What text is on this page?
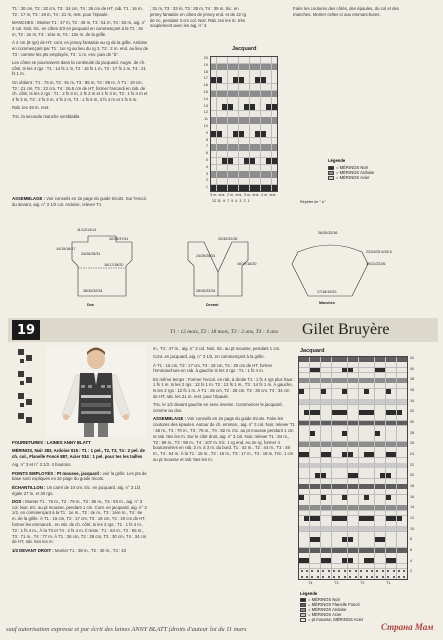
T1 : 30 cm, T2 : 32 cm, T3 : 34 cm, T4 : 36 cm de HT, rab. T1 : 16 m, T2 : 17 m, T3 : 19 m, T4 : 21 m, rest. pour l'épaule.

MANCHES : Monter T1 : 47 m, T2 : 49 m, T3 : 51 m, T4 : 53 m, aig. n° 3 col. Noir, tric. en côtes 3/3 en jacquard en commençant à la T1 : 3e m, T2 : 2e m, T3 : 1ère m, T4 : 12e m. de la grille.

À 2 cm (8 rgs) de HT, cont. en jersey fantaisie au rg de la grille. Ardoise en commençant par T1 : 1er rg au lieu du rg 3, T2 : 2 m. end. au lieu de T3 : comme les pts employés, T4 : 1 m. env. puis de "à".

Les côtes se poursuivent dans la continuité du jacquard. Augm. de ch. côté, ts les 4 rgs : T1 : 14 fs 1 m, T2 : 16 fs 1 m, T3 : 17 fs 1 m, T4 : 21 fs 1 m.

On obtient : T1 : 75 m, T2 : 81 m, T3 : 85 m, T4 : 95 m. À T1 : 19 cm, T2 : 21 cm, T3 : 22 cm, T4 : 26.5 cm de HT, former l'arrondi en rab. de ch. côté, ts les 2 rgs : T1 : 2 fs 3 m, 2 fs 2 m et 1 fs 3 m, T2 : 1 fs 4 m et 4 fs 3 m, T3 : 2 fs 3 m, 4 fs 2 m, T4 : 1 fs 5 m, 3 fs 4 m et 1 fs 5 m.

Rab. les 49 m. rest.

Tric. la seconde manche semblable.

; 31 m, T3 : 33 m, T3 : 35 m, T4 : 39 m, tric. en jersey fantaisie en côtes de jersey end. et de 22 rg de nc, pendant 3 cm col. Noir. Rab. tes les m. très souplement avec les aig. n° 4.

Faire les coutures des côtés, des épaules, du col et des manches. Monter celles-ci aux emmanchures.

ASSEMBLAGE : Voir conseils en 2e page du guide tricots. Sur l'encol. du devant, aig. n° 3 1/2 col. Ardoise, relever T1

Jacquard
20
19
18
17
16
15
14
13
12
11
10
9
8
7
6
5
4
3
2
1
3 m. ens 2 m. ens 3 m. ens 4 m. ens
12 11  9  7  5  4  3  2  1	Répéter de " à "
Légende
= MÉRINOS Noir
= MÉRINOS Ardoise
= MÉRINOS Acier
11/12/13/14
32/35/37/41
24/26/28/31
14/15/16/17
16/17/18/20
28/30/32/34
Dos
20/30/32/36
24/26/28/31
16/17/18/20
28/30/32/34
Devant
26/30/32/36
22/24/25.5/26.5
19/21/22/26
17/18/19/20
Manches
19	T1 : 12 mois, T2 : 18 mois, T3 : 2 ans, T4 : 4 ans Gilet Bruyère

FOURNITURES : LAINES ANNY BLATT

MÉRINOS, Noir 383, Ardoise 015 : T1 : 1 pel., T2, T3, T4 : 2 pel. de ch. col., Flanelle Foncé 887, Acier 034 : 1 pel. pour tes les tailles

Aig. n° 3 et n° 3 1/2. 4 boutons.

POINTS EMPLOYÉS : Pt mousse, jacquard : voir la grille. Les pts de base sont expliqués en 2e page du guide tricots.

ÉCHANTILLON : Un carré de 10 cm, tric. en jacquard, aig. n° 3 1/2 égale 27 m. et 30 rgs.

DOS : Monter T1 : 75 m., T2 : 79 m., T3 : 85 m., T4 : 93 m., aig. n° 3 col. Noir, tric. au pt mousse, pendant 1 cm. Cont. en jacquard, aig. n° 3 1/2, en commençant à la T1 : 1e m., T2 : 4e m., T3 : 1ère m., T4 : 6e m. de la grille. À T1 : 16 cm, T2 : 17 cm, T3 : 18 cm, T4 : 20 cm de HT, former les emmanch., en rab. de ch. côté, ts les 2 rgs : T1 : 1 fs 4 m., T2 : 1 fs 4 m., À la T3 et T4 : 2 fs 4 m. Il reste : T1 : 63 m., T2 : 65 m., T3 : 71 m., T4 : 77 m. À T1 : 26 cm, T2 : 28 cm, T3 : 30 cm, T4 : 34 cm de HT, rab. ttes les m.

1/2 DEVANT DROIT : Monter T1 : 38 m., T2 : 40 m., T3 : 43

m., T4 : 47 m., aig. n° 3 col. Noir, tric. au pt mousse, pendant 1 cm.

Cont. en jacquard, aig. n° 3 1/2, en commençant à la grille.

À T1 : 16 cm, T2 : 17 cm, T3 : 18 cm, T4 : 20 cm de HT, former l'emmanchure en rab. à gauche ts les 2 rgs : T1 : 1 fs 4 m.

En même temps : Former l'encol. en rab. à droite T1 : 1 fs 4 rgs plus haut : 1 fs 1 m. ts les 2 rgs : 12 fs 1 m. T2 : 13 fs 1 m., T3 : 14 fs 1 m. À gauche, ts les 2 rgs : 12 fs 1 m. À T1 : 26 cm, T2 : 28 cm, T3 : 30 cm, T4 : 34 cm de HT, rab. les 21 m. rest. pour l'épaule.

Tric. le 1/2 devant gauche en sens inverse. Commencer le jacquard, comme au dos.

ASSEMBLAGE : Voir conseils en 2e page du guide tricots. Faire les coutures des épaules. Autour de ch. emman., aig. n° 3 col. Noir, relever T1 : 66 m., T2 : 70 m., T3 : 76 m., T4 : 82 m. tric. au pt mousse pendant 1 cm et rab. ttes les m. Sur le côté droit, aig. n° 3 col. Noir, relever T1 : 84 m., T2 : 89 m., T3 : 96 m., T4 : 107 m. tric. 1 rg end. Au 2e rg, former 4 boutonnières en rab. 2 m. à 3 m. du bord. T1 : 42 m., T2 : 44 m., T3 : 48 m., T4 : 54 m. À la T1 : 15 m., T2 : 16 m., T3 : 17 m., T4 : 18 m. Tric. 1 cm au pt mousse et rab. ttes les m.

Jacquard
42
40
38
36
34
32
30
28
26
24
22
20
18
16
14
12
10
8
6
4
2
T4	T3	T2	T1
Légende
= MÉRINOS Noir
= MÉRINOS Flanelle Foncé
= MÉRINOS Ardoise
= MÉRINOS Acier
= pt mousse, MÉRINOS Acier
sauf autorisation expresse et par écrit des laines ANNY BLATT (droits d'auteur loi du 11 mars	Страна Мам
